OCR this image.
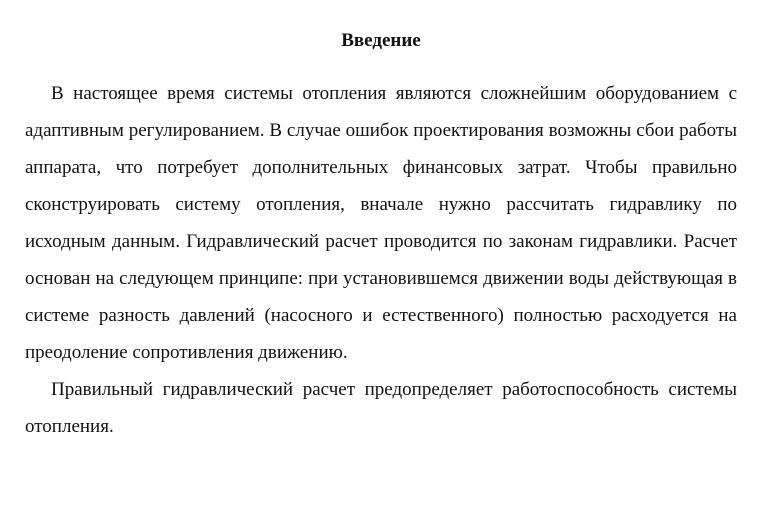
Введение

В настоящее время системы отопления являются сложнейшим оборудованием с адаптивным регулированием. В случае ошибок проектирования возможны сбои работы аппарата, что потребует дополнительных финансовых затрат. Чтобы правильно сконструировать систему отопления, вначале нужно рассчитать гидравлику по исходным данным. Гидравлический расчет проводится по законам гидравлики. Расчет основан на следующем принципе: при установившемся движении воды действующая в системе разность давлений (насосного и естественного) полностью расходуется на преодоление сопротивления движению.

Правильный гидравлический расчет предопределяет работоспособность системы отопления.
